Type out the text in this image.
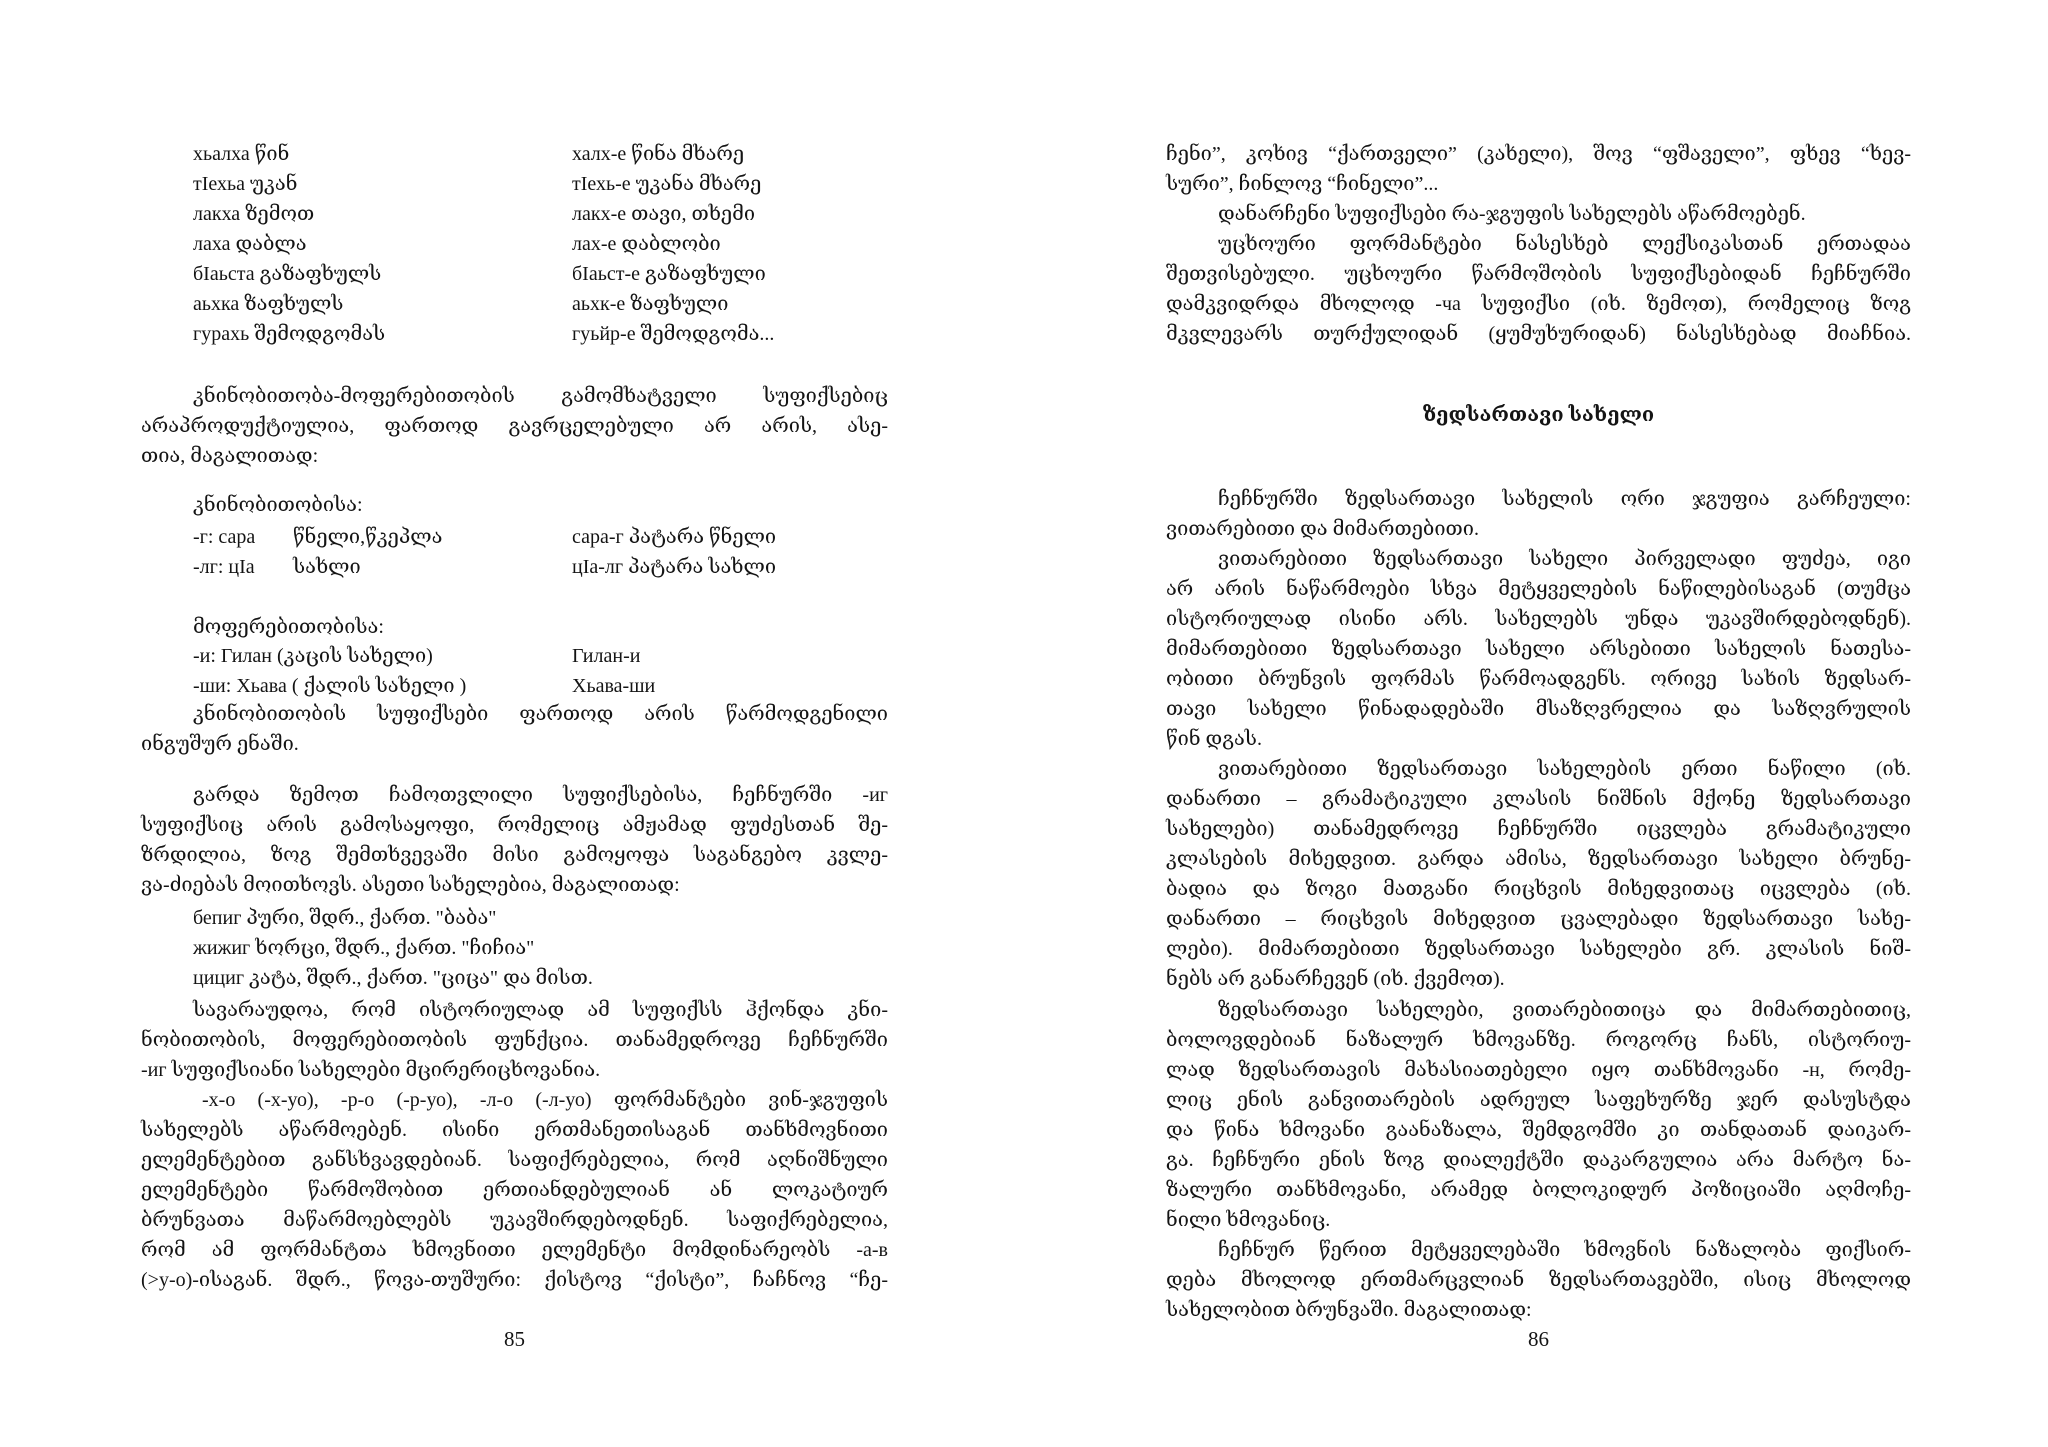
хьалха წინ	халх-е წინა მხარე
тIехьа უკან	тIехь-е უკანა მხარე
лакха ზემოთ	лакх-е თავი, თხემი
лаха დაბლა	лах-е დაბლობი
бIаьста გაზაფხულს	бIаьст-е გაზაფხული
аьхка ზაფხულს	аьхк-е ზაფხული
гурахь შემოდგომას	гуьйр-е შემოდგომა...
კნინობითობა-მოფერებითობის გამომხატველი სუფიქსებიც
არაპროდუქტიულია, ფართოდ გავრცელებული არ არის, ასე-
თია, მაგალითად:
კნინობითობისა:
-г: сара წნელი,წკეპლა	сара-г პატარა წნელი
-лг: цIа სახლი	цIа-лг პატარა სახლი
მოფერებითობისა:
-и: Гилан (კაცის სახელი)	Гилан-и
-ши: Хьава ( ქალის სახელი )	Хьава-ши
კნინობითობის სუფიქსები ფართოდ არის წარმოდგენილი
ინგუშურ ენაში.
გარდა ზემოთ ჩამოთვლილი სუფიქსებისა, ჩეჩნურში -иг
სუფიქსიც არის გამოსაყოფი, რომელიც ამჟამად ფუძესთან შე-
ზრდილია, ზოგ შემთხვევაში მისი გამოყოფა საგანგებო კვლე-
ვა-ძიებას მოითხოვს. ასეთი სახელებია, მაგალითად:
бепиг პური, შდრ., ქართ. "ბაბა"
жижиг ხორცი, შდრ., ქართ. "ჩიჩია"
цициг კატა, შდრ., ქართ. "ციცა" და მისთ.
სავარაუდოა, რომ ისტორიულად ამ სუფიქსს ჰქონდა კნი-
ნობითობის, მოფერებითობის ფუნქცია. თანამედროვე ჩეჩნურში
-иг სუფიქსიანი სახელები მცირერიცხოვანია.
-х-о (-х-уо), -р-о (-р-уо), -л-о (-л-уо) ფორმანტები ვინ-ჯგუფის
სახელებს აწარმოებენ. ისინი ერთმანეთისაგან თანხმოვნითი
ელემენტებით განსხვავდებიან. საფიქრებელია, რომ აღნიშნული
ელემენტები წარმოშობით ერთიანდებულიან ან ლოკატიურ
ბრუნვათა მაწარმოებლებს უკავშირდებოდნენ. საფიქრებელია,
რომ ამ ფორმანტთა ხმოვნითი ელემენტი მომდინარეობს -а-в
(>у-о)-ისაგან. შდრ., წოვა-თუშური: ქისტოვ “ქისტი”, ჩაჩნოვ “ჩე-
85
ჩენი”, კოხივ “ქართველი” (კახელი), შოვ “ფშაველი”, ფხევ “ხევ-
სური”, ჩინლოვ “ჩინელი”...
დანარჩენი სუფიქსები რა-ჯგუფის სახელებს აწარმოებენ.
უცხოური ფორმანტები ნასესხებ ლექსიკასთან ერთადაა
შეთვისებული. უცხოური წარმოშობის სუფიქსებიდან ჩეჩნურში
დამკვიდრდა მხოლოდ -ча სუფიქსი (იხ. ზემოთ), რომელიც ზოგ
მკვლევარს თურქულიდან (ყუმუხურიდან) ნასესხებად მიაჩნია.
ზედსართავი სახელი
ჩეჩნურში ზედსართავი სახელის ორი ჯგუფია გარჩეული:
ვითარებითი და მიმართებითი.
ვითარებითი ზედსართავი სახელი პირველადი ფუძეა, იგი
არ არის ნაწარმოები სხვა მეტყველების ნაწილებისაგან (თუმცა
ისტორიულად ისინი არს. სახელებს უნდა უკავშირდებოდნენ).
მიმართებითი ზედსართავი სახელი არსებითი სახელის ნათესა-
ობითი ბრუნვის ფორმას წარმოადგენს. ორივე სახის ზედსარ-
თავი სახელი წინადადებაში მსაზღვრელია და საზღვრულის
წინ დგას.
ვითარებითი ზედსართავი სახელების ერთი ნაწილი (იხ.
დანართი – გრამატიკული კლასის ნიშნის მქონე ზედსართავი
სახელები) თანამედროვე ჩეჩნურში იცვლება გრამატიკული
კლასების მიხედვით. გარდა ამისა, ზედსართავი სახელი ბრუნე-
ბადია და ზოგი მათგანი რიცხვის მიხედვითაც იცვლება (იხ.
დანართი – რიცხვის მიხედვით ცვალებადი ზედსართავი სახე-
ლები). მიმართებითი ზედსართავი სახელები გრ. კლასის ნიშ-
ნებს არ განარჩევენ (იხ. ქვემოთ).
ზედსართავი სახელები, ვითარებითიცა და მიმართებითიც,
ბოლოვდებიან ნაზალურ ხმოვანზე. როგორც ჩანს, ისტორიუ-
ლად ზედსართავის მახასიათებელი იყო თანხმოვანი -н, რომე-
ლიც ენის განვითარების ადრეულ საფეხურზე ჯერ დასუსტდა
და წინა ხმოვანი გაანაზალა, შემდგომში კი თანდათან დაიკარ-
გა. ჩეჩნური ენის ზოგ დიალექტში დაკარგულია არა მარტო ნა-
ზალური თანხმოვანი, არამედ ბოლოკიდურ პოზიციაში აღმოჩე-
ნილი ხმოვანიც.
ჩეჩნურ წერით მეტყველებაში ხმოვნის ნაზალობა ფიქსირ-
დება მხოლოდ ერთმარცვლიან ზედსართავებში, ისიც მხოლოდ
სახელობით ბრუნვაში. მაგალითად:
86
